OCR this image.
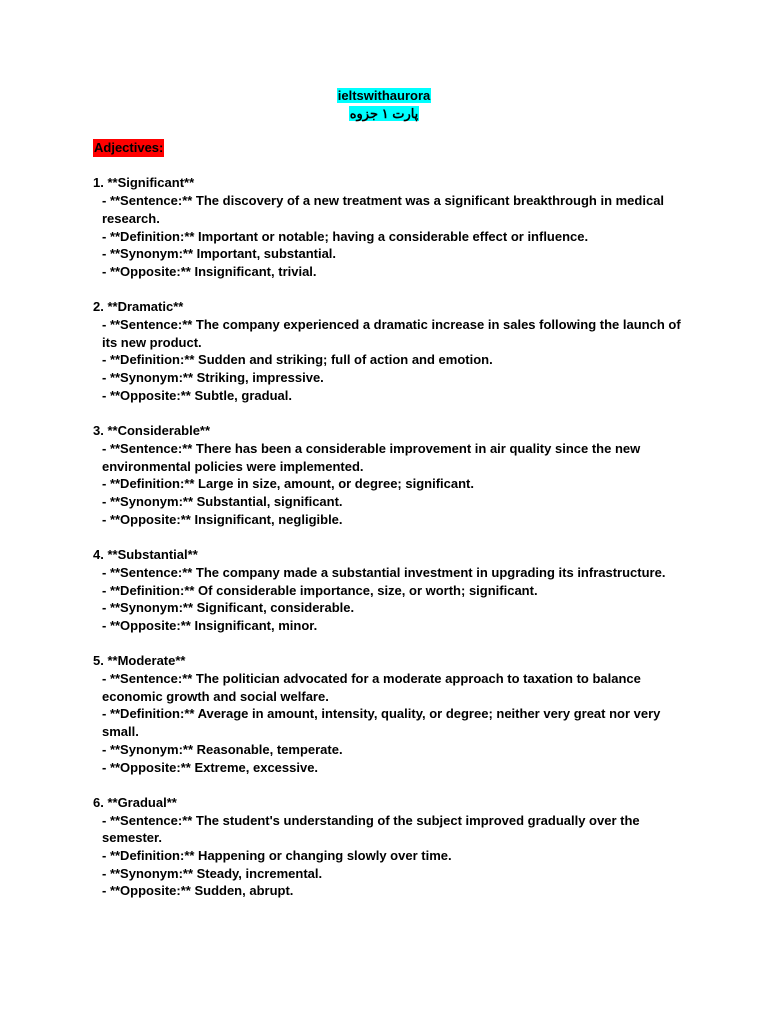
ieltswithaurora
پارت ۱ جزوه
Adjectives:
1. **Significant**
- **Sentence:** The discovery of a new treatment was a significant breakthrough in medical research.
- **Definition:** Important or notable; having a considerable effect or influence.
- **Synonym:** Important, substantial.
- **Opposite:** Insignificant, trivial.
2. **Dramatic**
- **Sentence:** The company experienced a dramatic increase in sales following the launch of its new product.
- **Definition:** Sudden and striking; full of action and emotion.
- **Synonym:** Striking, impressive.
- **Opposite:** Subtle, gradual.
3. **Considerable**
- **Sentence:** There has been a considerable improvement in air quality since the new environmental policies were implemented.
- **Definition:** Large in size, amount, or degree; significant.
- **Synonym:** Substantial, significant.
- **Opposite:** Insignificant, negligible.
4. **Substantial**
- **Sentence:** The company made a substantial investment in upgrading its infrastructure.
- **Definition:** Of considerable importance, size, or worth; significant.
- **Synonym:** Significant, considerable.
- **Opposite:** Insignificant, minor.
5. **Moderate**
- **Sentence:** The politician advocated for a moderate approach to taxation to balance economic growth and social welfare.
- **Definition:** Average in amount, intensity, quality, or degree; neither very great nor very small.
- **Synonym:** Reasonable, temperate.
- **Opposite:** Extreme, excessive.
6. **Gradual**
- **Sentence:** The student's understanding of the subject improved gradually over the semester.
- **Definition:** Happening or changing slowly over time.
- **Synonym:** Steady, incremental.
- **Opposite:** Sudden, abrupt.
